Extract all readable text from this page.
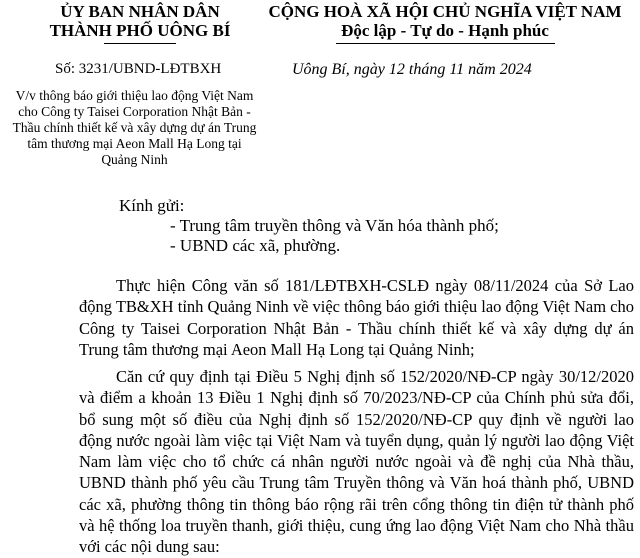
ỦY BAN NHÂN DÂN
THÀNH PHỐ UÔNG BÍ
CỘNG HOÀ XÃ HỘI CHỦ NGHĨA VIỆT NAM
Độc lập - Tự do - Hạnh phúc
Số: 3231/UBND-LĐTBXH	Uông Bí, ngày 12 tháng 11 năm 2024
V/v thông báo giới thiệu lao động Việt Nam cho Công ty Taisei Corporation Nhật Bản - Thầu chính thiết kế và xây dựng dự án Trung tâm thương mại Aeon Mall Hạ Long tại Quảng Ninh
Kính gửi:
- Trung tâm truyền thông và Văn hóa thành phố;
- UBND các xã, phường.
Thực hiện Công văn số 181/LĐTBXH-CSLĐ ngày 08/11/2024 của Sở Lao động TB&XH tỉnh Quảng Ninh về việc thông báo giới thiệu lao động Việt Nam cho Công ty Taisei Corporation Nhật Bản - Thầu chính thiết kế và xây dựng dự án Trung tâm thương mại Aeon Mall Hạ Long tại Quảng Ninh;
Căn cứ quy định tại Điều 5 Nghị định số 152/2020/NĐ-CP ngày 30/12/2020 và điểm a khoản 13 Điều 1 Nghị định số 70/2023/NĐ-CP của Chính phủ sửa đổi, bổ sung một số điều của Nghị định số 152/2020/NĐ-CP quy định về người lao động nước ngoài làm việc tại Việt Nam và tuyển dụng, quản lý người lao động Việt Nam làm việc cho tổ chức cá nhân người nước ngoài và đề nghị của Nhà thầu, UBND thành phố yêu cầu Trung tâm Truyền thông và Văn hoá thành phố, UBND các xã, phường thông tin thông báo rộng rãi trên cổng thông tin điện tử thành phố và hệ thống loa truyền thanh, giới thiệu, cung ứng lao động Việt Nam cho Nhà thầu với các nội dung sau:
